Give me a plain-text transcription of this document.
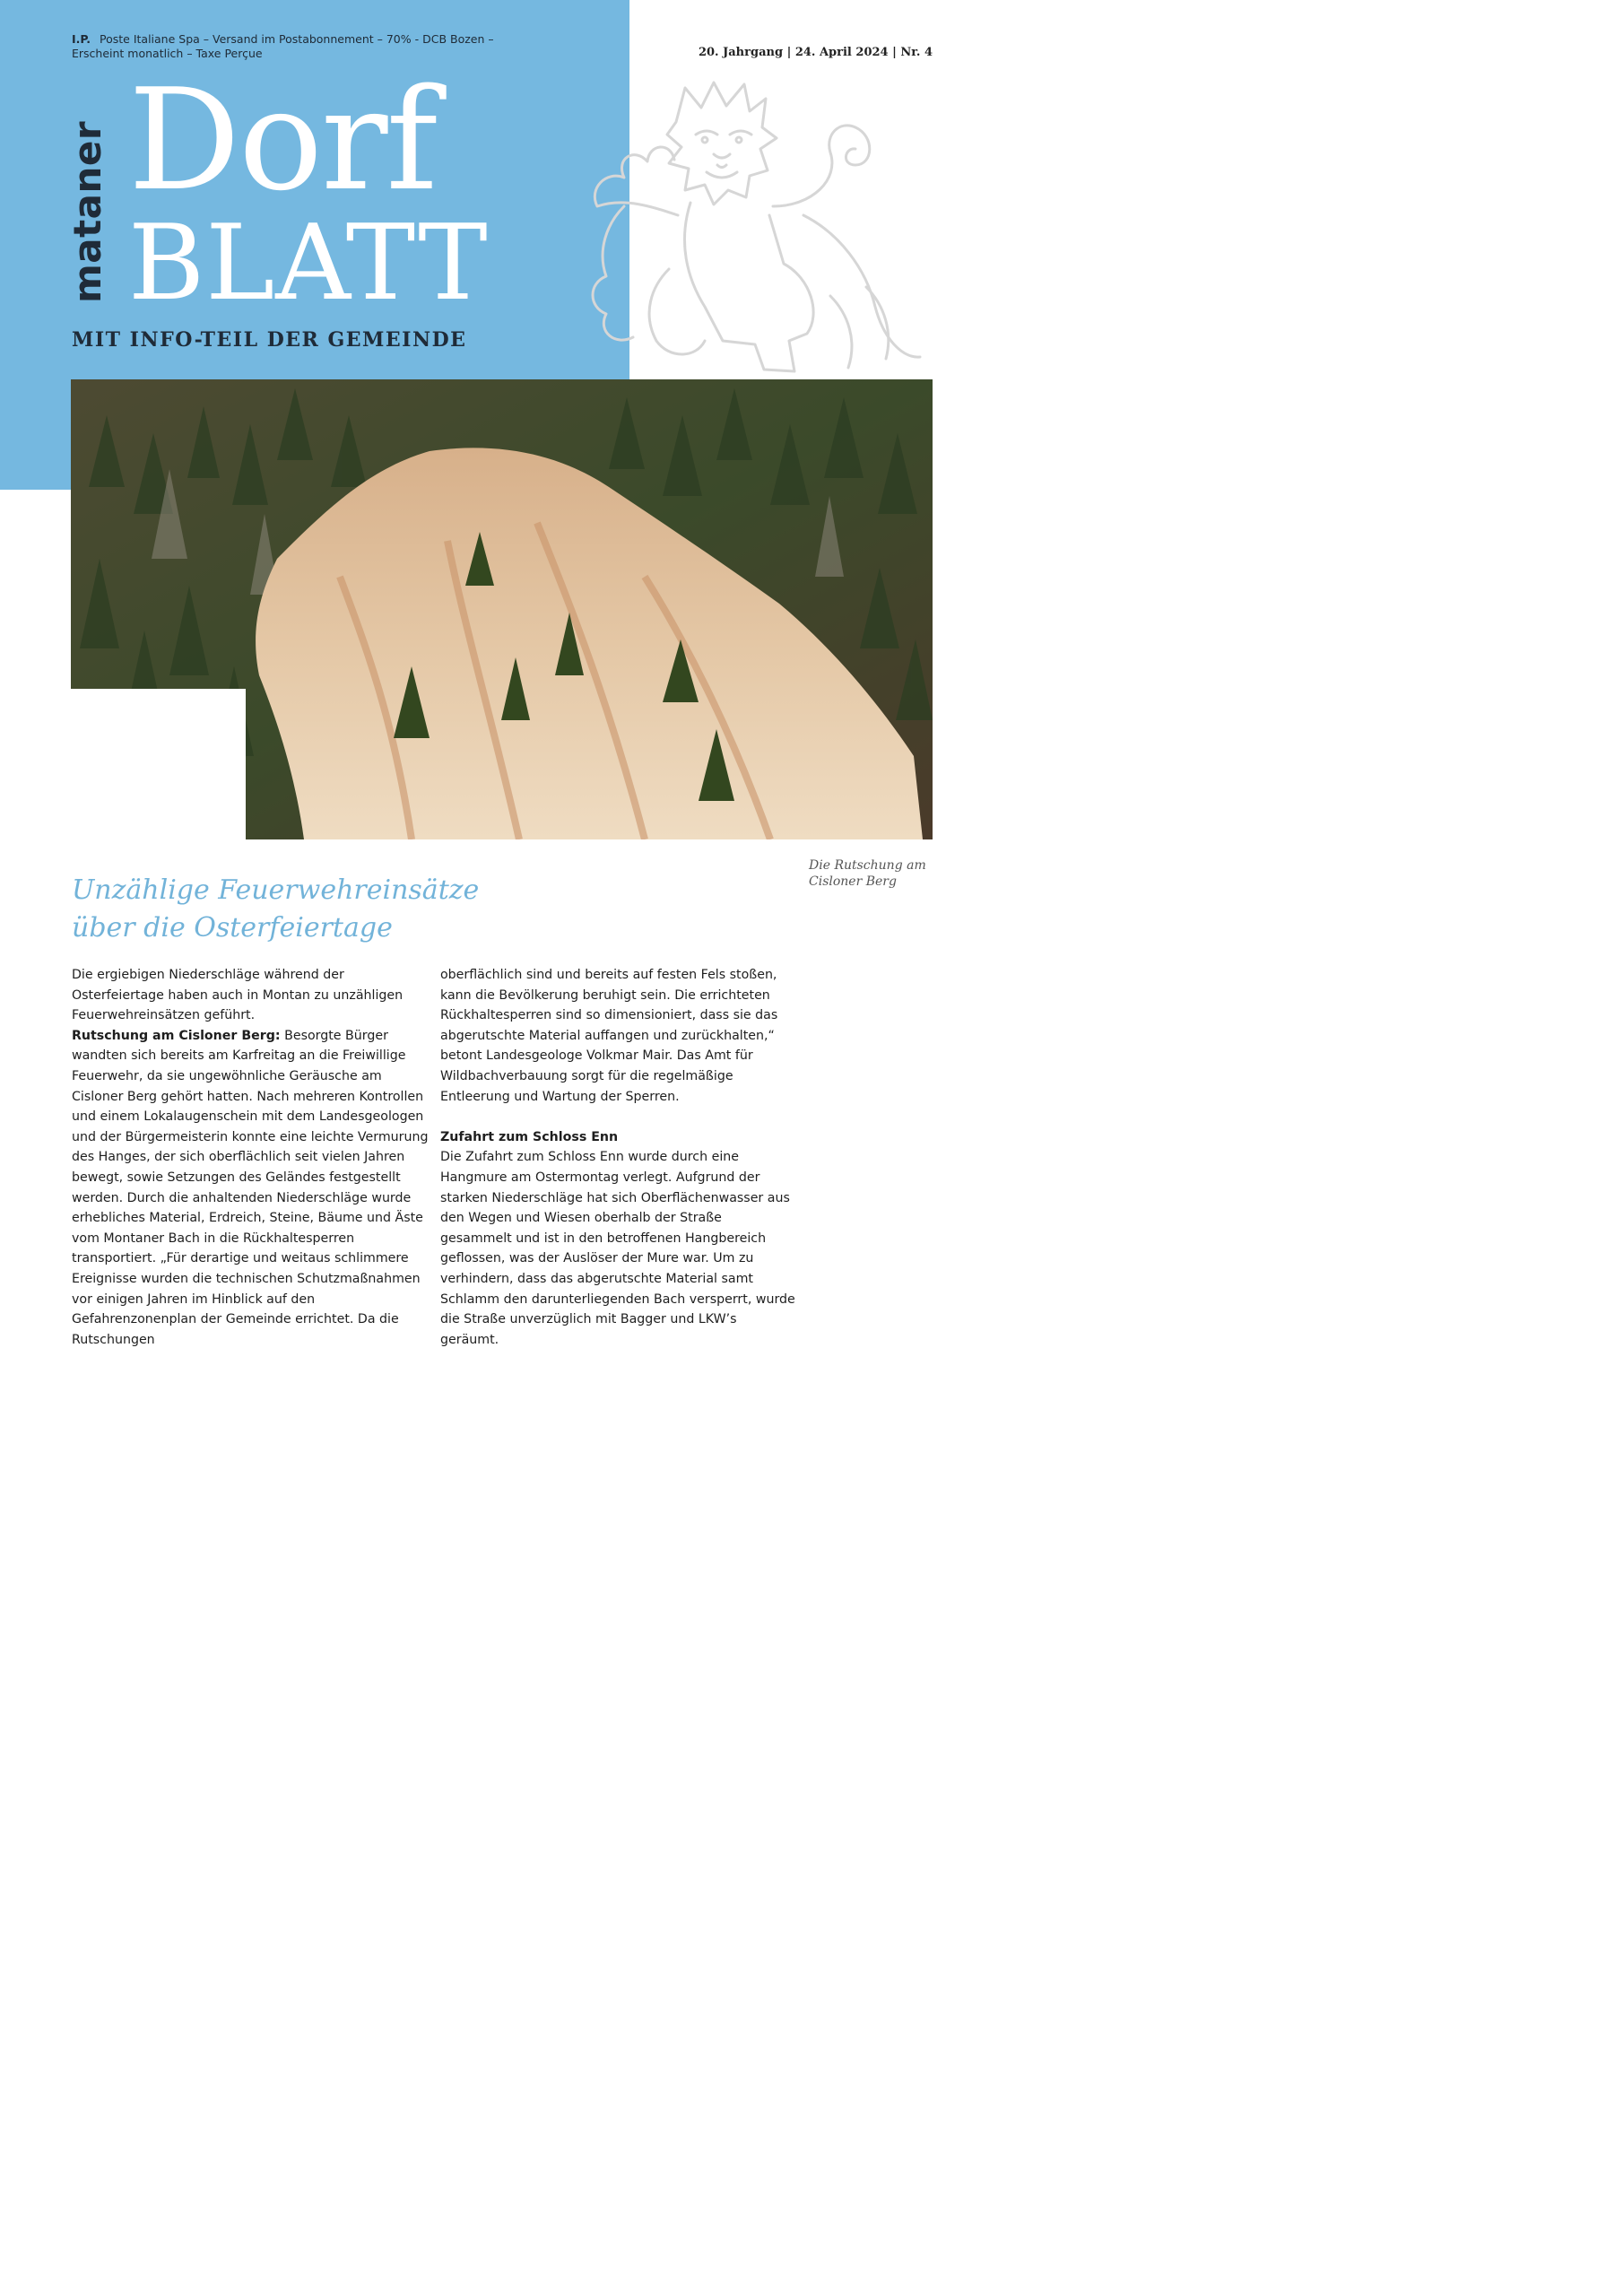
I.P. Poste Italiane Spa – Versand im Postabonnement – 70% - DCB Bozen –
Erscheint monatlich – Taxe Perçue	20. Jahrgang | 24. April 2024 | Nr. 4
mataner Dorf
BLATT
MIT INFO-TEIL DER GEMEINDE
Die Rutschung am
Cisloner Berg
Unzählige Feuerwehreinsätze
über die Osterfeiertage

Die ergiebigen Niederschläge während der Osterfeiertage haben auch in Montan zu unzähligen Feuerwehreinsätzen geführt.

Rutschung am Cisloner Berg: Besorgte Bürger wandten sich bereits am Karfreitag an die Freiwillige Feuerwehr, da sie ungewöhnliche Geräusche am Cisloner Berg gehört hatten. Nach mehreren Kontrollen und einem Lokalaugenschein mit dem Landesgeologen und der Bürgermeisterin konnte eine leichte Vermurung des Hanges, der sich oberflächlich seit vielen Jahren bewegt, sowie Setzungen des Geländes festgestellt werden. Durch die anhaltenden Niederschläge wurde erhebliches Material, Erdreich, Steine, Bäume und Äste vom Montaner Bach in die Rückhaltesperren transportiert. „Für derartige und weitaus schlimmere Ereignisse wurden die technischen Schutzmaßnahmen vor einigen Jahren im Hinblick auf den Gefahrenzonenplan der Gemeinde errichtet. Da die Rutschungen

oberflächlich sind und bereits auf festen Fels stoßen, kann die Bevölkerung beruhigt sein. Die errichteten Rückhaltesperren sind so dimensioniert, dass sie das abgerutschte Material auffangen und zurückhalten,“ betont Landesgeologe Volkmar Mair. Das Amt für Wildbachverbauung sorgt für die regelmäßige Entleerung und Wartung der Sperren.

Zufahrt zum Schloss Enn

Die Zufahrt zum Schloss Enn wurde durch eine Hangmure am Ostermontag verlegt. Aufgrund der starken Niederschläge hat sich Oberflächenwasser aus den Wegen und Wiesen oberhalb der Straße gesammelt und ist in den betroffenen Hangbereich geflossen, was der Auslöser der Mure war. Um zu verhindern, dass das abgerutschte Material samt Schlamm den darunterliegenden Bach versperrt, wurde die Straße unverzüglich mit Bagger und LKW’s geräumt.
